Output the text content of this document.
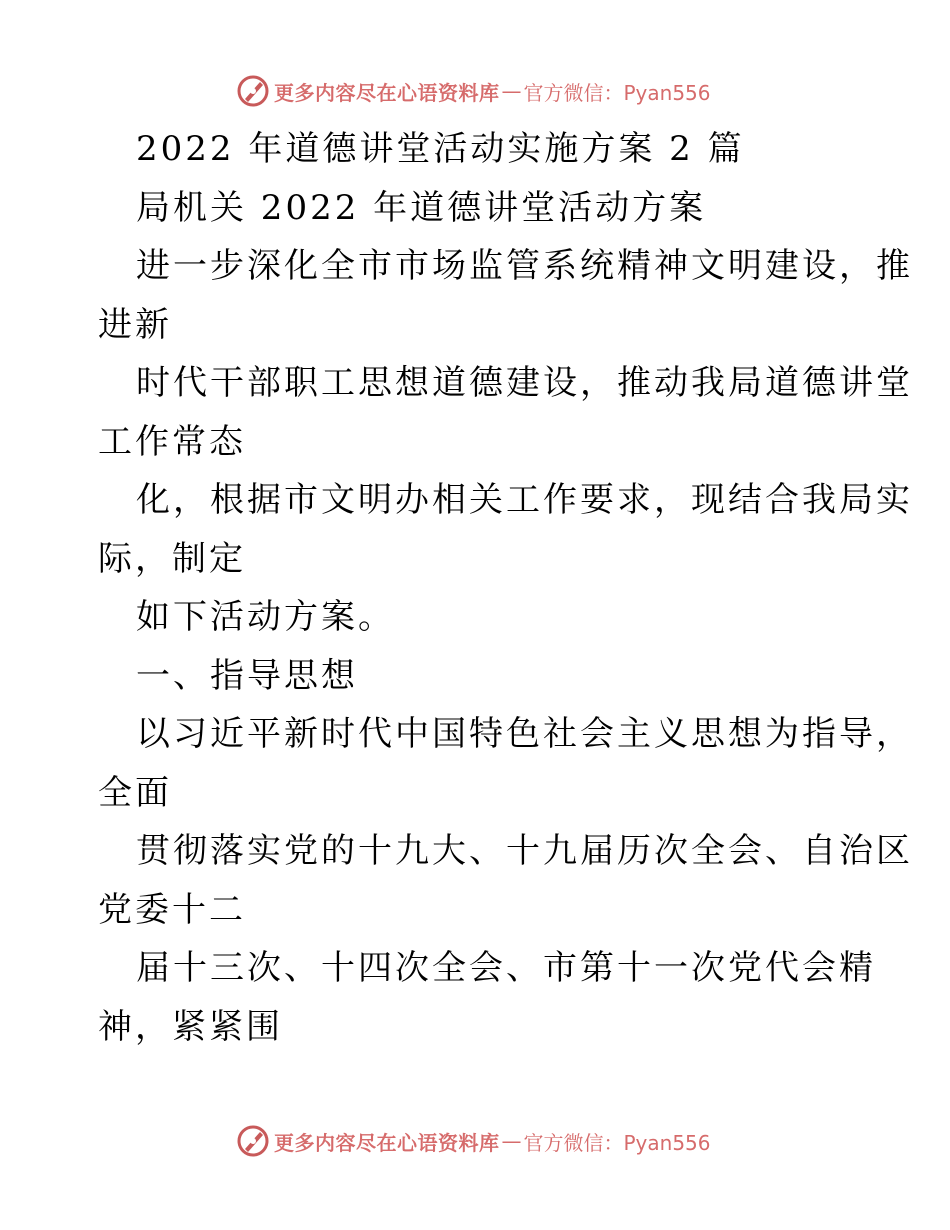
更多内容尽在心语资料库 — 官方微信：Pyan556
2022 年道德讲堂活动实施方案 2 篇
局机关 2022 年道德讲堂活动方案
进一步深化全市市场监管系统精神文明建设，推
进新
时代干部职工思想道德建设，推动我局道德讲堂
工作常态
化，根据市文明办相关工作要求，现结合我局实
际，制定
如下活动方案。
一、指导思想
以习近平新时代中国特色社会主义思想为指导，
全面
贯彻落实党的十九大、十九届历次全会、自治区
党委十二
届十三次、十四次全会、市第十一次党代会精
神，紧紧围
更多内容尽在心语资料库 — 官方微信：Pyan556
